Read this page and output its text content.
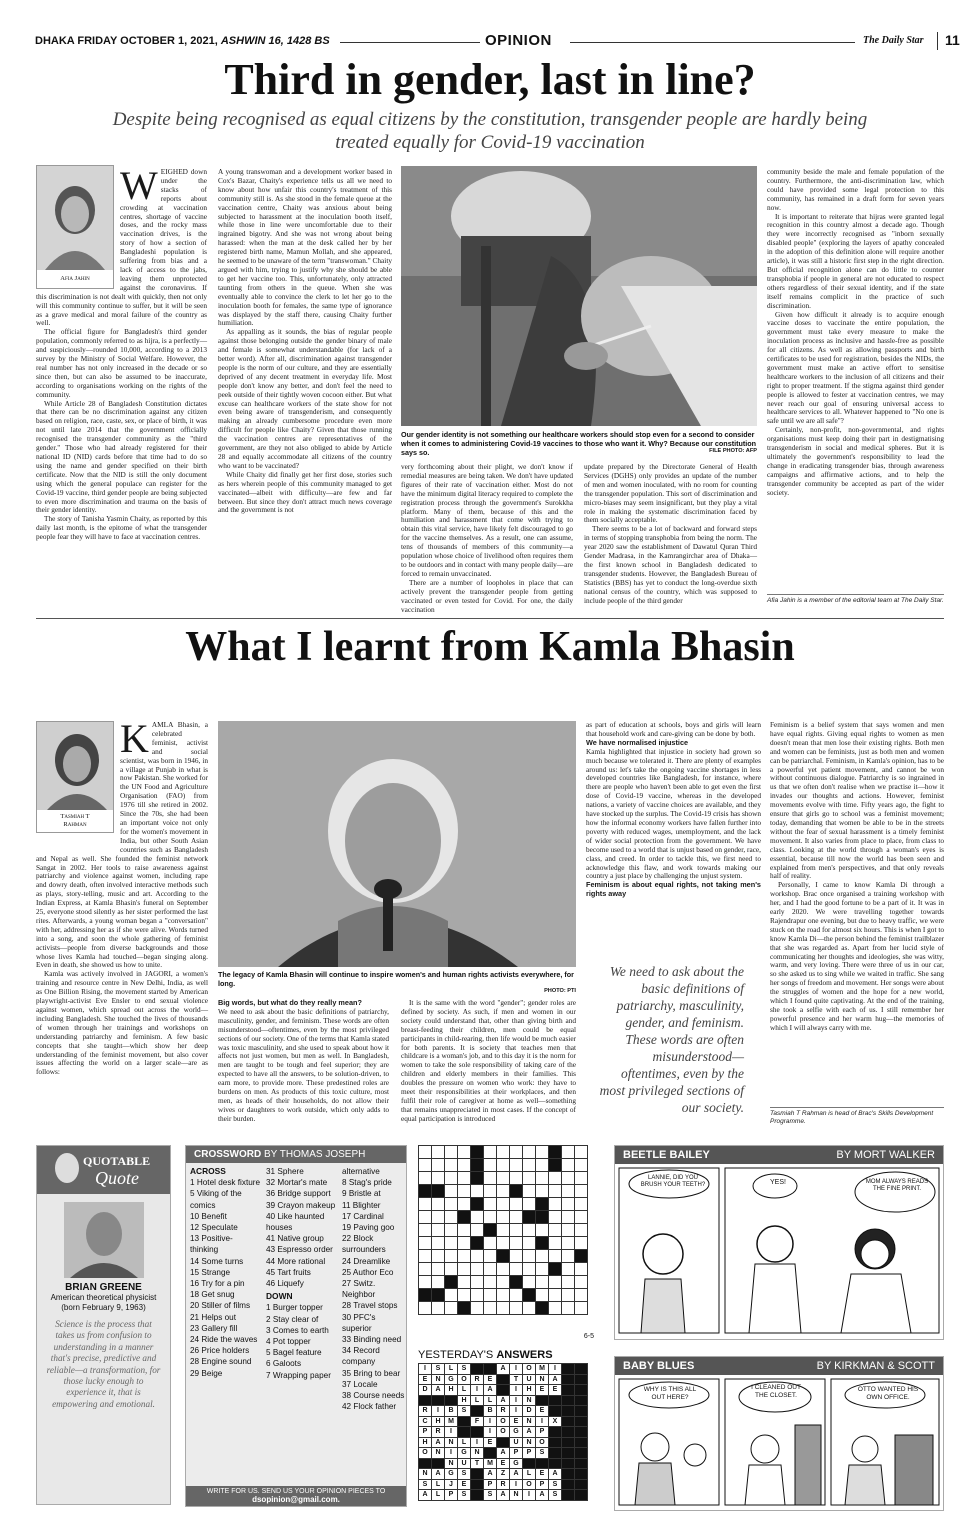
DHAKA FRIDAY OCTOBER 1, 2021, ASHWIN 16, 1428 BS	OPINION	The Daily Star 11
Third in gender, last in line?
Despite being recognised as equal citizens by the constitution, transgender people are hardly being treated equally for Covid-19 vaccination
Afia Jahin

WEIGHED down under the stacks of reports about crowding at vaccination centres, shortage of vaccine doses, and the rocky mass vaccination drives, is the story of how a section of Bangladeshi population is suffering from bias and a lack of access to the jabs, leaving them unprotected against the coronavirus. If this discrimination is not dealt with quickly, then not only will this community continue to suffer, but it will be seen as a grave medical and moral failure of the country as well.

The official figure for Bangladesh's third gender population, commonly referred to as hijra, is a perfectly—and suspiciously—rounded 10,000, according to a 2013 survey by the Ministry of Social Welfare. However, the real number has not only increased in the decade or so since then, but can also be assumed to be inaccurate, according to organisations working on the rights of the community.

While Article 28 of Bangladesh Constitution dictates that there can be no discrimination against any citizen based on religion, race, caste, sex, or place of birth, it was not until late 2014 that the government officially recognised the transgender community as the "third gender." Those who had already registered for their national ID (NID) cards before that time had to do so using the name and gender specified on their birth certificate. Now that the NID is still the only document using which the general populace can register for the Covid-19 vaccine, third gender people are being subjected to even more discrimination and trauma on the basis of their gender identity.

The story of Tanisha Yasmin Chaity, as reported by this daily last month, is the epitome of what the transgender people fear they will have to face at vaccination centres.

A young transwoman and a development worker based in Cox's Bazar, Chaity's experience tells us all we need to know about how unfair this country's treatment of this community still is. As she stood in the female queue at the vaccination centre, Chaity was anxious about being subjected to harassment at the inoculation booth itself, while those in line were uncomfortable due to their ingrained bigotry. And she was not wrong about being harassed: when the man at the desk called her by her registered birth name, Mamun Mollah, and she appeared, he seemed to be unaware of the term "transwoman." Chaity argued with him, trying to justify why she should be able to get her vaccine too. This, unfortunately, only attracted taunting from others in the queue. When she was eventually able to convince the clerk to let her go to the inoculation booth for females, the same type of ignorance was displayed by the staff there, causing Chaity further humiliation.

As appalling as it sounds, the bias of regular people against those belonging outside the gender binary of male and female is somewhat understandable (for lack of a better word). After all, discrimination against transgender people is the norm of our culture, and they are essentially deprived of any decent treatment in everyday life. Most people don't know any better, and don't feel the need to peek outside of their tightly woven cocoon either. But what excuse can healthcare workers of the state show for not even being aware of transgenderism, and consequently making an already cumbersome procedure even more difficult for people like Chaity? Given that those running the vaccination centres are representatives of the government, are they not also obliged to abide by Article 28 and equally accommodate all citizens of the country who want to be vaccinated?

While Chaity did finally get her first dose, stories such as hers wherein people of this community managed to get vaccinated—albeit with difficulty—are few and far between. But since they don't attract much news coverage and the government is not

Our gender identity is not something our healthcare workers should stop even for a second to consider when it comes to administering Covid-19 vaccines to those who want it. Why? Because our constitution says so.	FILE PHOTO: AFP

very forthcoming about their plight, we don't know if remedial measures are being taken. We don't have updated figures of their rate of vaccination either. Most do not have the minimum digital literacy required to complete the registration process through the government's Surokkha platform. Many of them, because of this and the humiliation and harassment that come with trying to obtain this vital service, have likely felt discouraged to go for the vaccine themselves. As a result, one can assume, tens of thousands of members of this community—a population whose choice of livelihood often requires them to be outdoors and in contact with many people daily—are forced to remain unvaccinated.

There are a number of loopholes in place that can actively prevent the transgender people from getting vaccinated or even tested for Covid. For one, the daily vaccination

update prepared by the Directorate General of Health Services (DGHS) only provides an update of the number of men and women inoculated, with no room for counting the transgender population. This sort of discrimination and micro-biases may seem insignificant, but they play a vital role in making the systematic discrimination faced by them socially acceptable.

There seems to be a lot of backward and forward steps in terms of stopping transphobia from being the norm. The year 2020 saw the establishment of Dawatul Quran Third Gender Madrasa, in the Kamrangirchar area of Dhaka—the first known school in Bangladesh dedicated to transgender students. However, the Bangladesh Bureau of Statistics (BBS) has yet to conduct the long-overdue sixth national census of the country, which was supposed to include people of the third gender

community beside the male and female population of the country. Furthermore, the anti-discrimination law, which could have provided some legal protection to this community, has remained in a draft form for seven years now.

It is important to reiterate that hijras were granted legal recognition in this country almost a decade ago. Though they were incorrectly recognised as "inborn sexually disabled people" (exploring the layers of apathy concealed in the adoption of this definition alone will require another article), it was still a historic first step in the right direction. But official recognition alone can do little to counter transphobia if people in general are not educated to respect others regardless of their sexual identity, and if the state itself remains complicit in the practice of such discrimination.

Given how difficult it already is to acquire enough vaccine doses to vaccinate the entire population, the government must take every measure to make the inoculation process as inclusive and hassle-free as possible for all citizens. As well as allowing passports and birth certificates to be used for registration, besides the NIDs, the government must make an active effort to sensitise healthcare workers to the inclusion of all citizens and their right to proper treatment. If the stigma against third gender people is allowed to fester at vaccination centres, we may never reach our goal of ensuring universal access to healthcare services to all. Whatever happened to "No one is safe until we are all safe"?

Certainly, non-profit, non-governmental, and rights organisations must keep doing their part in destigmatising transgenderism in social and medical spheres. But it is ultimately the government's responsibility to lead the change in eradicating transgender bias, through awareness campaigns and affirmative actions, and to help the transgender community be accepted as part of the wider society.

Afia Jahin is a member of the editorial team at The Daily Star.
What I learnt from Kamla Bhasin
Tasmiah T
Rahman

KAMLA Bhasin, a celebrated feminist, activist and social scientist, was born in 1946, in a village at Punjab in what is now Pakistan. She worked for the UN Food and Agriculture Organisation (FAO) from 1976 till she retired in 2002. Since the 70s, she had been an important voice not only for the women's movement in India, but other South Asian countries such as Bangladesh and Nepal as well. She founded the feminist network Sangat in 2002. Her tools to raise awareness against patriarchy and violence against women, including rape and dowry death, often involved interactive methods such as plays, story-telling, music and art. According to the Indian Express, at Kamla Bhasin's funeral on September 25, everyone stood silently as her sister performed the last rites. Afterwards, a young woman began a "conversation" with her, addressing her as if she were alive. Words turned into a song, and soon the whole gathering of feminist activists—people from diverse backgrounds and those whose lives Kamla had touched—began singing along. Even in death, she showed us how to unite.

Kamla was actively involved in JAGORI, a women's training and resource centre in New Delhi, India, as well as One Billion Rising, the movement started by American playwright-activist Eve Ensler to end sexual violence against women, which spread out across the world—including Bangladesh. She touched the lives of thousands of women through her trainings and workshops on understanding patriarchy and feminism. A few basic concepts that she taught—which show her deep understanding of the feminist movement, but also cover issues affecting the world on a larger scale—are as follows:

The legacy of Kamla Bhasin will continue to inspire women's and human rights activists everywhere, for long.
PHOTO: PTI

Big words, but what do they really mean?

We need to ask about the basic definitions of patriarchy, masculinity, gender, and feminism. These words are often misunderstood—oftentimes, even by the most privileged sections of our society. One of the terms that Kamla stated was toxic masculinity, and she used to speak about how it affects not just women, but men as well. In Bangladesh, men are taught to be tough and feel superior; they are expected to have all the answers, to be solution-driven, to earn more, to provide more. These predestined roles are burdens on men. As products of this toxic culture, most men, as heads of their households, do not allow their wives or daughters to work outside, which only adds to their burden.

It is the same with the word "gender"; gender roles are defined by society. As such, if men and women in our society could understand that, other than giving birth and breast-feeding their children, men could be equal participants in child-rearing, then life would be much easier for both parents. It is society that teaches men that childcare is a woman's job, and to this day it is the norm for women to take the sole responsibility of taking care of the children and elderly members in their families. This doubles the pressure on women who work: they have to meet their responsibilities at their workplaces, and then fulfil their role of caregiver at home as well—something that remains unappreciated in most cases. If the concept of equal participation is introduced

as part of education at schools, boys and girls will learn that household work and care-giving can be done by both.

We have normalised injustice

Kamla highlighted that injustice in society had grown so much because we tolerated it. There are plenty of examples around us: let's take the ongoing vaccine shortages in less developed countries like Bangladesh, for instance, where there are people who haven't been able to get even the first dose of Covid-19 vaccine, whereas in the developed nations, a variety of vaccine choices are available, and they have stocked up the surplus. The Covid-19 crisis has shown how the informal economy workers have fallen further into poverty with reduced wages, unemployment, and the lack of wider social protection from the government. We have become used to a world that is unjust based on gender, race, class, and creed. In order to tackle this, we first need to acknowledge this flaw, and work towards making our country a just place by challenging the unjust system.

Feminism is about equal rights, not taking men's rights away

We need to ask about the basic definitions of patriarchy, masculinity, gender, and feminism. These words are often misunderstood—oftentimes, even by the most privileged sections of our society.

Feminism is a belief system that says women and men have equal rights. Giving equal rights to women as men doesn't mean that men lose their existing rights. Both men and women can be feminists, just as both men and women can be patriarchal. Feminism, in Kamla's opinion, has to be a powerful yet patient movement, and cannot be won without continuous dialogue. Patriarchy is so ingrained in us that we often don't realise when we practise it—how it invades our thoughts and actions. However, feminist movements evolve with time. Fifty years ago, the fight to ensure that girls go to school was a feminist movement; today, demanding that women be able to be in the streets without the fear of sexual harassment is a timely feminist movement. It also varies from place to place, from class to class. Looking at the world through a woman's eyes is essential, because till now the world has been seen and explained from men's perspectives, and that only reveals half of reality.

Personally, I came to know Kamla Di through a workshop. Brac once organised a training workshop with her, and I had the good fortune to be a part of it. It was in early 2020. We were travelling together towards Rajendrapur one evening, but due to heavy traffic, we were stuck on the road for almost six hours. This is when I got to know Kamla Di—the person behind the feminist trailblazer that she was regarded as. Apart from her lucid style of communicating her thoughts and ideologies, she was witty, warm, and very loving. There were three of us in our car, so she asked us to sing while we waited in traffic. She sang her songs of freedom and movement. Her songs were about the struggles of women and the hope for a new world, which I found quite captivating. At the end of the training, she took a selfie with each of us. I still remember her powerful presence and her warm hug—the memories of which I will always carry with me.

Tasmiah T Rahman is head of Brac's Skills Development Programme.
QUOTABLE
Quote
BRIAN GREENE
American theoretical physicist
(born February 9, 1963)
Science is the process that takes us from confusion to understanding in a manner that's precise, predictive and reliable—a transformation, for those lucky enough to experience it, that is empowering and emotional.
CROSSWORD BY THOMAS JOSEPH
ACROSS
1 Hotel desk fixture
5 Viking of the
comics
10 Benefit
12 Speculate
13 Positive-
thinking
14 Some turns
15 Strange
16 Try for a pin
18 Get snug
20 Stiller of films
21 Helps out
23 Gallery fill
24 Ride the waves
26 Price holders
28 Engine sound
29 Beige
31 Sphere
32 Mortar's mate
36 Bridge support
39 Crayon makeup
40 Like haunted
houses
41 Native group
43 Espresso order
44 More rational
45 Tart fruits
46 Liquefy
DOWN
1 Burger topper
2 Stay clear of
3 Comes to earth
4 Pot topper
5 Bagel feature
6 Galoots
7 Wrapping paper
alternative
8 Stag's pride
9 Bristle at
11 Blighter
17 Cardinal
19 Paving goo
22 Block
surrounders
24 Dreamlike
25 Author Eco
27 Switz. Neighbor
28 Travel stops
30 PFC's superior
33 Binding need
34 Record company
35 Bring to bear
37 Locale
38 Course needs
42 Flock father
WRITE FOR US. SEND US YOUR OPINION PIECES TO
dsopinion@gmail.com.

6-5
YESTERDAY'S ANSWERS
I	S	L	S			A	I	O	M	I		
E	N	G	O	R	E		T	U	N	A		
D	A	H	L	I	A		I	H	E	E		
			H	L	L	A	I	N				
R	I	B	S		B	R	I	D	E			
C	H	M		F	I	O	E	N	I	X		
P	R	I			I	O	G	A	P			
H	A	N	L	I	E		U	N	O			
O	N	I	G	N		A	P	P	S			
		N	U	T	M	E	G					
N	A	G	S		A	Z	A	L	E	A		
S	L	J	E		P	R	I	O	P	S		
A	L	P	S		S	A	N	I	A	S		
BEETLE BAILEY	BY MORT WALKER
LANNIE, DID YOU BRUSH YOUR TEETH?	YES!	MOM ALWAYS READS THE FINE PRINT.
BABY BLUES	BY KIRKMAN & SCOTT
WHY IS THIS ALL OUT HERE?
I CLEANED OUT THE CLOSET.
OTTO WANTED HIS OWN OFFICE.
